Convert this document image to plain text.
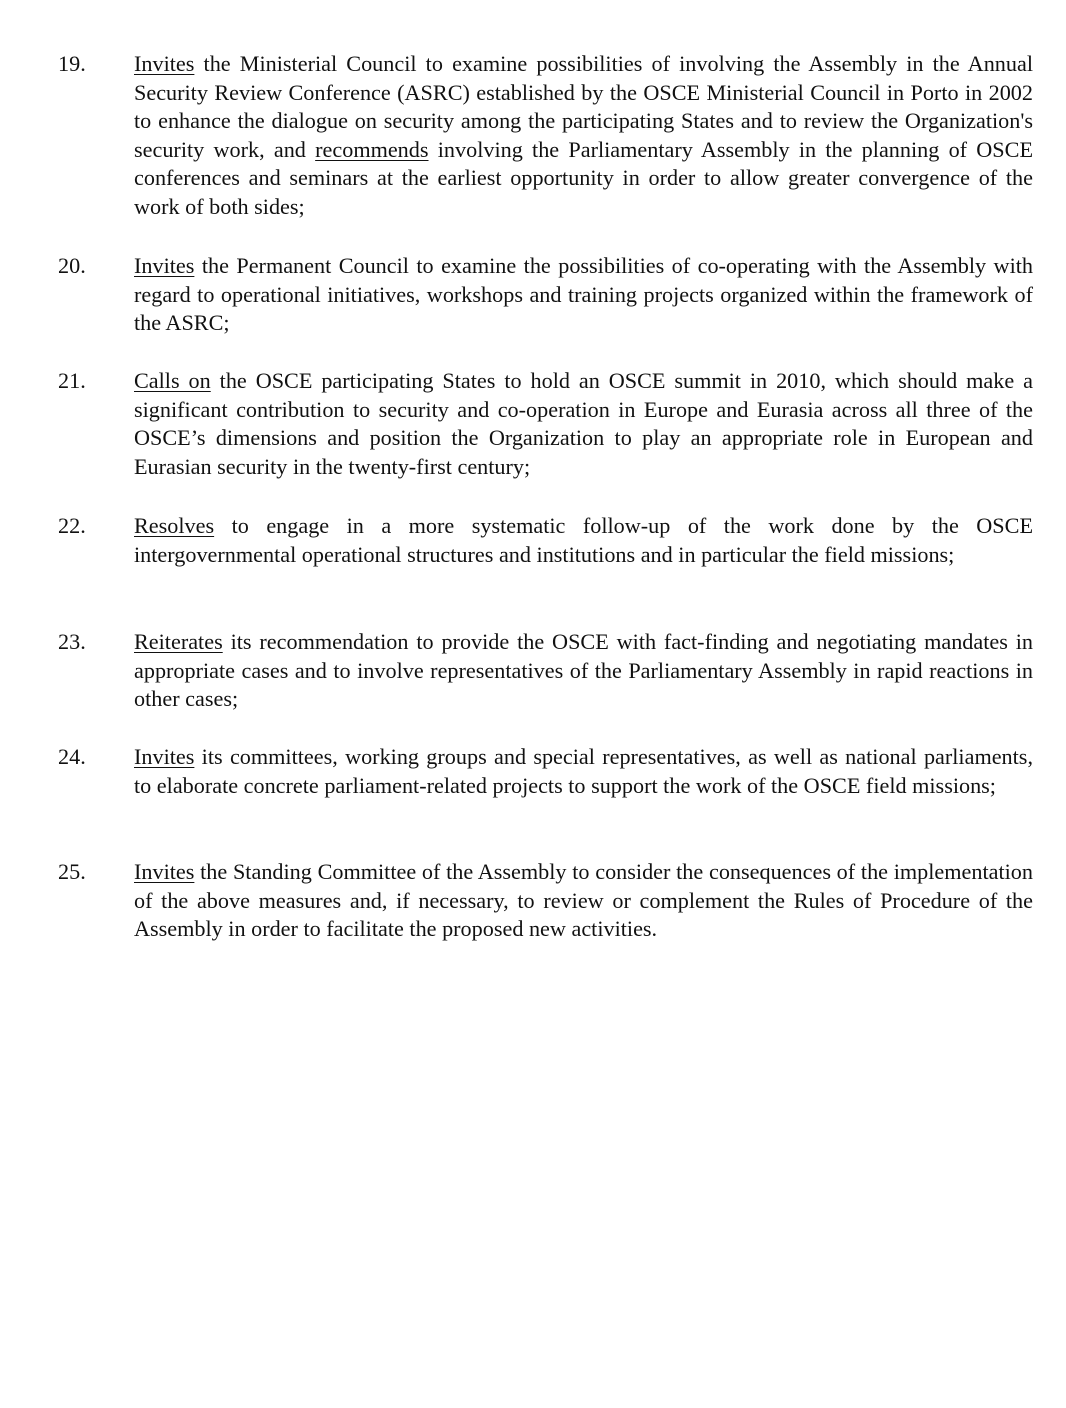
19.	Invites the Ministerial Council to examine possibilities of involving the Assembly in the Annual Security Review Conference (ASRC) established by the OSCE Ministerial Council in Porto in 2002 to enhance the dialogue on security among the participating States and to review the Organization's security work, and recommends involving the Parliamentary Assembly in the planning of OSCE conferences and seminars at the earliest opportunity in order to allow greater convergence of the work of both sides;
20.	Invites the Permanent Council to examine the possibilities of co-operating with the Assembly with regard to operational initiatives, workshops and training projects organized within the framework of the ASRC;
21.	Calls on the OSCE participating States to hold an OSCE summit in 2010, which should make a significant contribution to security and co-operation in Europe and Eurasia across all three of the OSCE’s dimensions and position the Organization to play an appropriate role in European and Eurasian security in the twenty-first century;
22.	Resolves to engage in a more systematic follow-up of the work done by the OSCE intergovernmental operational structures and institutions and in particular the field missions;
23.	Reiterates its recommendation to provide the OSCE with fact-finding and negotiating mandates in appropriate cases and to involve representatives of the Parliamentary Assembly in rapid reactions in other cases;
24.	Invites its committees, working groups and special representatives, as well as national parliaments, to elaborate concrete parliament-related projects to support the work of the OSCE field missions;
25.	Invites the Standing Committee of the Assembly to consider the consequences of the implementation of the above measures and, if necessary, to review or complement the Rules of Procedure of the Assembly in order to facilitate the proposed new activities.
